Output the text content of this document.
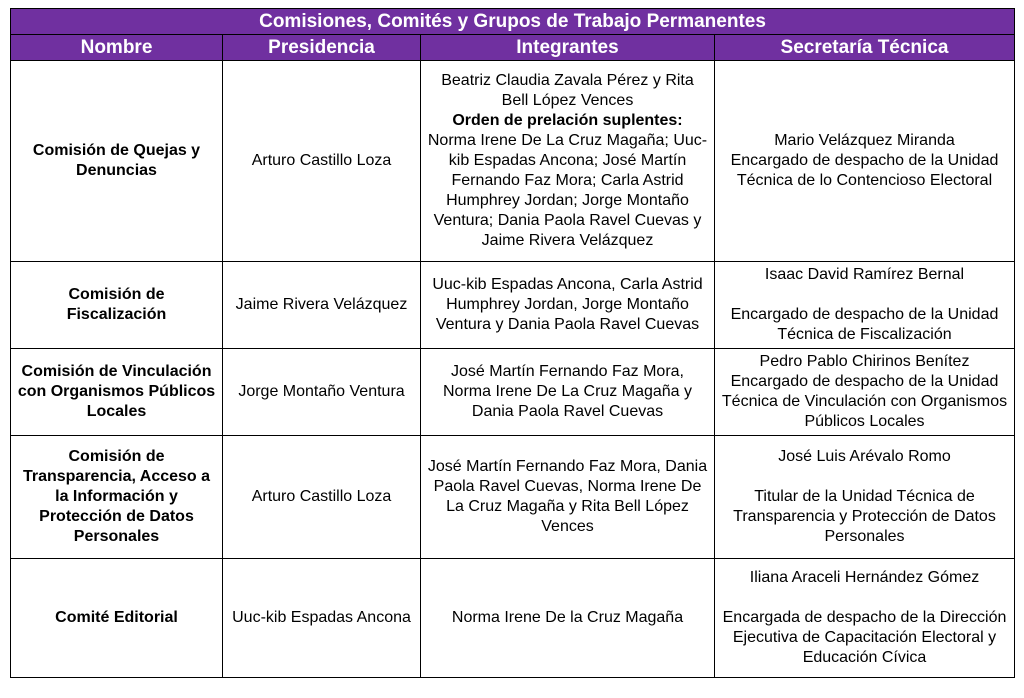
Comisiones, Comités y Grupos de Trabajo Permanentes			
Nombre	Presidencia	Integrantes	Secretaría Técnica
Comisión de Quejas y Denuncias	Arturo Castillo Loza	Beatriz Claudia Zavala Pérez y Rita Bell López Vences
Orden de prelación suplentes:
Norma Irene De La Cruz Magaña; Uuc-kib Espadas Ancona; José Martín Fernando Faz Mora; Carla Astrid Humphrey Jordan; Jorge Montaño Ventura; Dania Paola Ravel Cuevas y Jaime Rivera Velázquez	Mario Velázquez Miranda
Encargado de despacho de la Unidad Técnica de lo Contencioso Electoral

Comisión de Fiscalización	Jaime Rivera Velázquez	Uuc-kib Espadas Ancona, Carla Astrid Humphrey Jordan, Jorge Montaño Ventura y Dania Paola Ravel Cuevas	Isaac David Ramírez Bernal
Encargado de despacho de la Unidad Técnica de Fiscalización

Comisión de Vinculación con Organismos Públicos Locales	Jorge Montaño Ventura	José Martín Fernando Faz Mora, Norma Irene De La Cruz Magaña y Dania Paola Ravel Cuevas	Pedro Pablo Chirinos Benítez
Encargado de despacho de la Unidad Técnica de Vinculación con Organismos Públicos Locales

Comisión de Transparencia, Acceso a la Información y Protección de Datos Personales	Arturo Castillo Loza	José Martín Fernando Faz Mora, Dania Paola Ravel Cuevas, Norma Irene De La Cruz Magaña y Rita Bell López Vences	José Luis Arévalo Romo
Titular de la Unidad Técnica de Transparencia y Protección de Datos Personales

Comité Editorial	Uuc-kib Espadas Ancona	Norma Irene De la Cruz Magaña	Iliana Araceli Hernández Gómez
Encargada de despacho de la Dirección Ejecutiva de Capacitación Electoral y Educación Cívica
